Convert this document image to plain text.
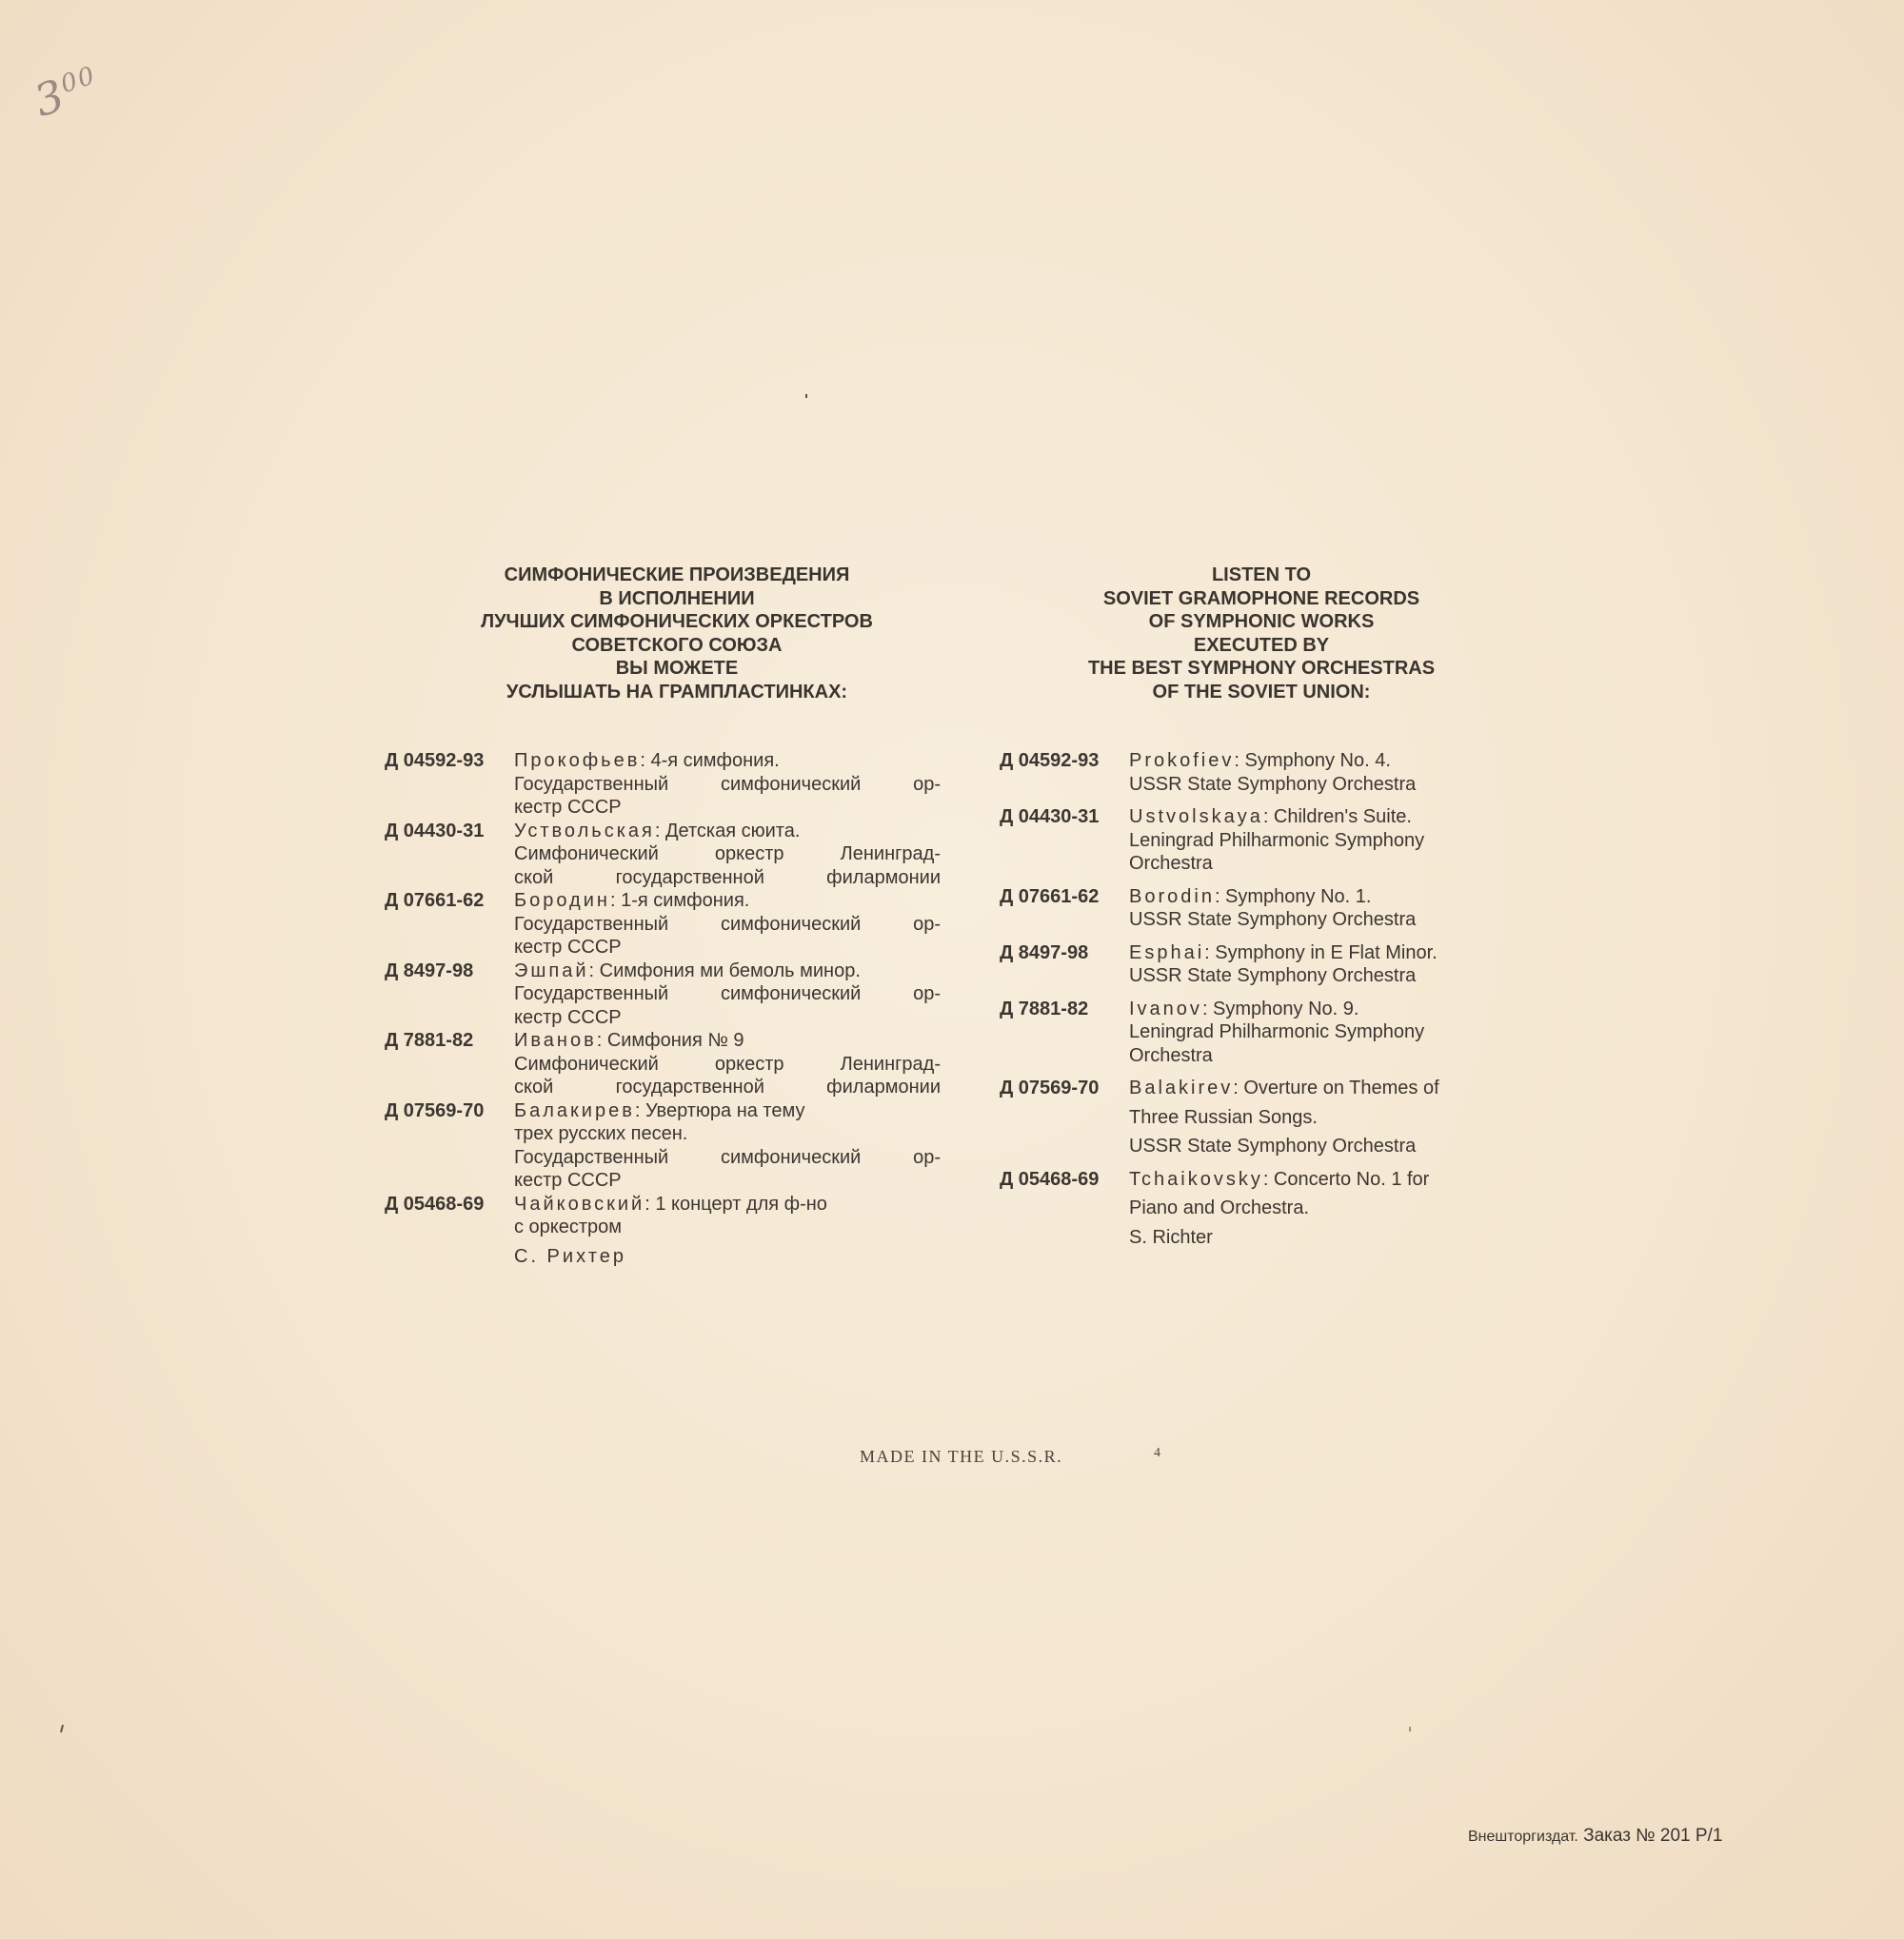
$3^{00}$
СИМФОНИЧЕСКИЕ ПРОИЗВЕДЕНИЯ
В ИСПОЛНЕНИИ
ЛУЧШИХ СИМФОНИЧЕСКИХ ОРКЕСТРОВ
СОВЕТСКОГО СОЮЗА
ВЫ МОЖЕТЕ
УСЛЫШАТЬ НА ГРАМПЛАСТИНКАХ:
Д 04592-93	Прокофьев: 4-я симфония.
Государственный симфонический ор-
кестр СССР
Д 04430-31	Уствольская: Детская сюита.
Симфонический оркестр Ленинград-
ской государственной филармонии
Д 07661-62	Бородин: 1-я симфония.
Государственный симфонический ор-
кестр СССР
Д 8497-98	Эшпай: Симфония ми бемоль минор.
Государственный симфонический ор-
кестр СССР
Д 7881-82	Иванов: Симфония № 9
Симфонический оркестр Ленинград-
ской государственной филармонии
Д 07569-70	Балакирев: Увертюра на тему
трех русских песен.
Государственный симфонический ор-
кестр СССР
Д 05468-69	Чайковский: 1 концерт для ф-но
с оркестром
С. Рихтер
LISTEN TO
SOVIET GRAMOPHONE RECORDS
OF SYMPHONIC WORKS
EXECUTED BY
THE BEST SYMPHONY ORCHESTRAS
OF THE SOVIET UNION:
Д 04592-93	Prokofiev: Symphony No. 4.
USSR State Symphony Orchestra
Д 04430-31	Ustvolskaya: Children's Suite.
Leningrad Philharmonic Symphony
Orchestra
Д 07661-62	Borodin: Symphony No. 1.
USSR State Symphony Orchestra
Д 8497-98	Esphai: Symphony in E Flat Minor.
USSR State Symphony Orchestra
Д 7881-82	Ivanov: Symphony No. 9.
Leningrad Philharmonic Symphony
Orchestra
Д 07569-70	Balakirev: Overture on Themes of
Three Russian Songs.
USSR State Symphony Orchestra
Д 05468-69	Tchaikovsky: Concerto No. 1 for
Piano and Orchestra.
S. Richter
MADE IN THE U.S.S.R.	4
Внешторгиздат. Заказ № 201 Р/1
